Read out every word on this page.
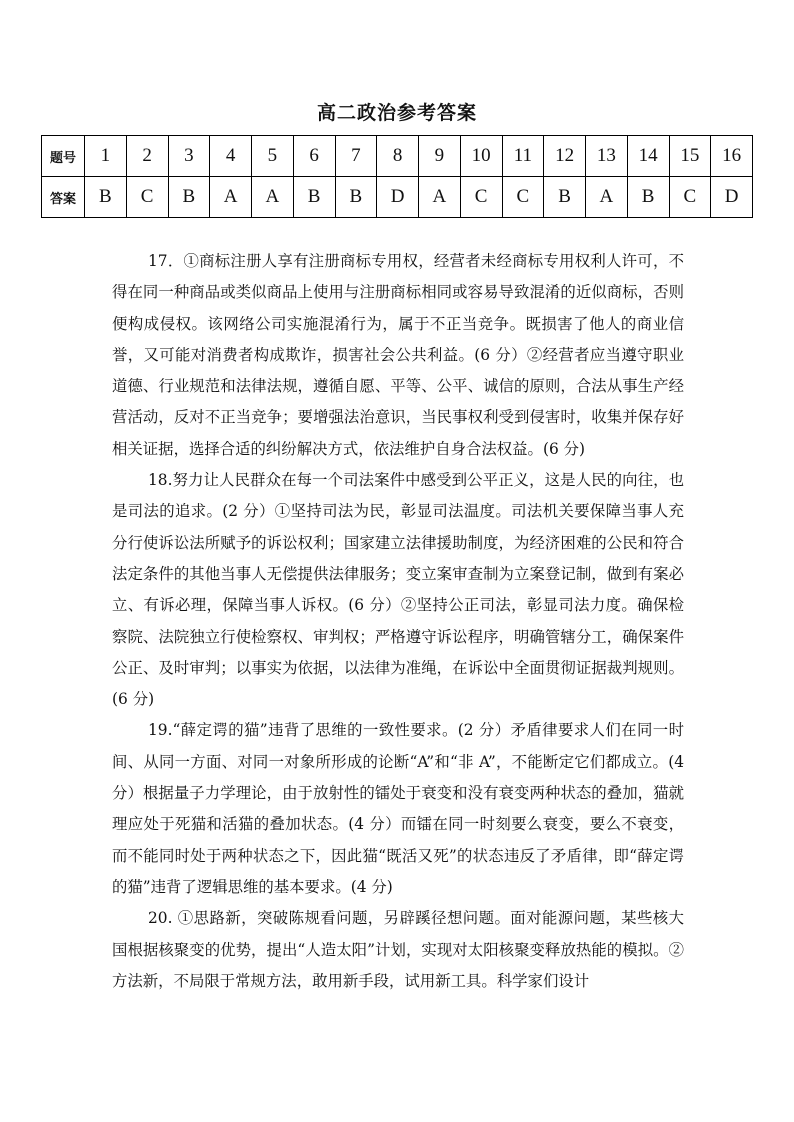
高二政治参考答案
题号	1	2	3	4	5	6	7	8	9	10	11	12	13	14	15	16
答案	B	C	B	A	A	B	B	D	A	C	C	B	A	B	C	D

17．①商标注册人享有注册商标专用权，经营者未经商标专用权利人许可，不得在同一种商品或类似商品上使用与注册商标相同或容易导致混淆的近似商标，否则便构成侵权。该网络公司实施混淆行为，属于不正当竞争。既损害了他人的商业信誉，又可能对消费者构成欺诈，损害社会公共利益。(6 分）②经营者应当遵守职业道德、行业规范和法律法规，遵循自愿、平等、公平、诚信的原则，合法从事生产经营活动，反对不正当竞争；要增强法治意识，当民事权利受到侵害时，收集并保存好相关证据，选择合适的纠纷解决方式，依法维护自身合法权益。(6 分)

18.努力让人民群众在每一个司法案件中感受到公平正义，这是人民的向往，也是司法的追求。(2 分）①坚持司法为民，彰显司法温度。司法机关要保障当事人充分行使诉讼法所赋予的诉讼权利；国家建立法律援助制度，为经济困难的公民和符合法定条件的其他当事人无偿提供法律服务；变立案审查制为立案登记制，做到有案必立、有诉必理，保障当事人诉权。(6 分）②坚持公正司法，彰显司法力度。确保检察院、法院独立行使检察权、审判权；严格遵守诉讼程序，明确管辖分工，确保案件公正、及时审判；以事实为依据，以法律为准绳，在诉讼中全面贯彻证据裁判规则。(6 分)

19.“薛定谔的猫”违背了思维的一致性要求。(2 分）矛盾律要求人们在同一时间、从同一方面、对同一对象所形成的论断“A”和“非 A”，不能断定它们都成立。(4 分）根据量子力学理论，由于放射性的镭处于衰变和没有衰变两种状态的叠加，猫就理应处于死猫和活猫的叠加状态。(4 分）而镭在同一时刻要么衰变，要么不衰变，而不能同时处于两种状态之下，因此猫“既活又死”的状态违反了矛盾律，即“薛定谔的猫”违背了逻辑思维的基本要求。(4 分)

20. ①思路新，突破陈规看问题，另辟蹊径想问题。面对能源问题，某些核大国根据核聚变的优势，提出“人造太阳”计划，实现对太阳核聚变释放热能的模拟。②方法新，不局限于常规方法，敢用新手段，试用新工具。科学家们设计
